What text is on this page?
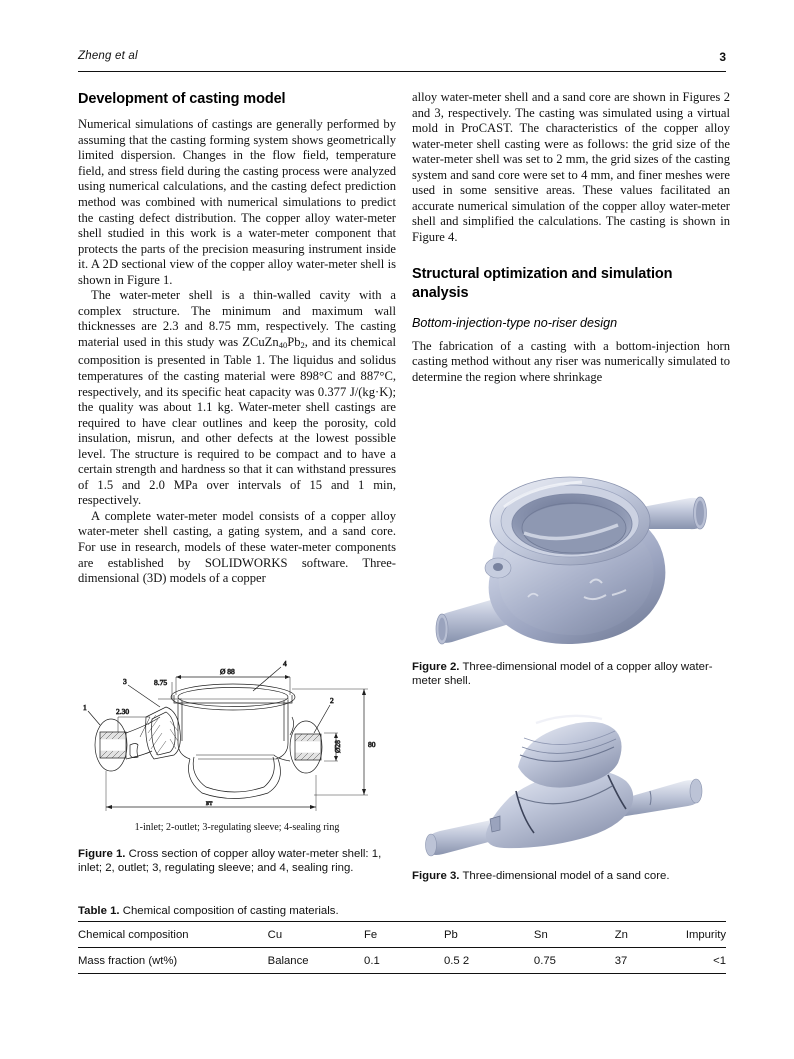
Zheng et al	3
Development of casting model

Numerical simulations of castings are generally performed by assuming that the casting forming system shows geometrically limited dispersion. Changes in the flow field, temperature field, and stress field during the casting process were analyzed using numerical calculations, and the casting defect prediction method was combined with numerical simulations to predict the casting defect distribution. The copper alloy water-meter shell studied in this work is a water-meter component that protects the parts of the precision measuring instrument inside it. A 2D sectional view of the copper alloy water-meter shell is shown in Figure 1.

The water-meter shell is a thin-walled cavity with a complex structure. The minimum and maximum wall thicknesses are 2.3 and 8.75 mm, respectively. The casting material used in this study was $ZCuZn_{40}Pb_2$, and its chemical composition is presented in Table 1. The liquidus and solidus temperatures of the casting material were 898°C and 887°C, respectively, and its specific heat capacity was 0.377 J/(kg·K); the quality was about 1.1 kg. Water-meter shell castings are required to have clear outlines and keep the porosity, cold insulation, misrun, and other defects at the lowest possible level. The structure is required to be compact and to have a certain strength and hardness so that it can withstand pressures of 1.5 and 2.0 MPa over intervals of 15 and 1 min, respectively.

A complete water-meter model consists of a copper alloy water-meter shell casting, a gating system, and a sand core. For use in research, models of these water-meter components are established by SOLIDWORKS software. Three-dimensional (3D) models of a copper

alloy water-meter shell and a sand core are shown in Figures 2 and 3, respectively. The casting was simulated using a virtual mold in ProCAST. The characteristics of the copper alloy water-meter shell casting were as follows: the grid size of the water-meter shell was set to 2 mm, the grid sizes of the casting system and sand core were set to 4 mm, and finer meshes were used in some sensitive areas. These values facilitated an accurate numerical simulation of the copper alloy water-meter shell and simplified the calculations. The casting is shown in Figure 4.

Structural optimization and simulation analysis
Bottom-injection-type no-riser design

The fabrication of a casting with a bottom-injection horn casting method without any riser was numerically simulated to determine the region where shrinkage

Figure 2. Three-dimensional model of a copper alloy water-meter shell.
Figure 3. Three-dimensional model of a sand core.
Ø 88
4
8.75
1	2.30
3
2
Ø28	80
ʁт
1-inlet; 2-outlet; 3-regulating sleeve; 4-sealing ring
Figure 1. Cross section of copper alloy water-meter shell: 1, inlet; 2, outlet; 3, regulating sleeve; and 4, sealing ring.
Table 1. Chemical composition of casting materials.
Chemical composition	Cu	Fe	Pb	Sn	Zn	Impurity
Mass fraction (wt%)	Balance	0.1	0.5 2	0.75	37	<1
